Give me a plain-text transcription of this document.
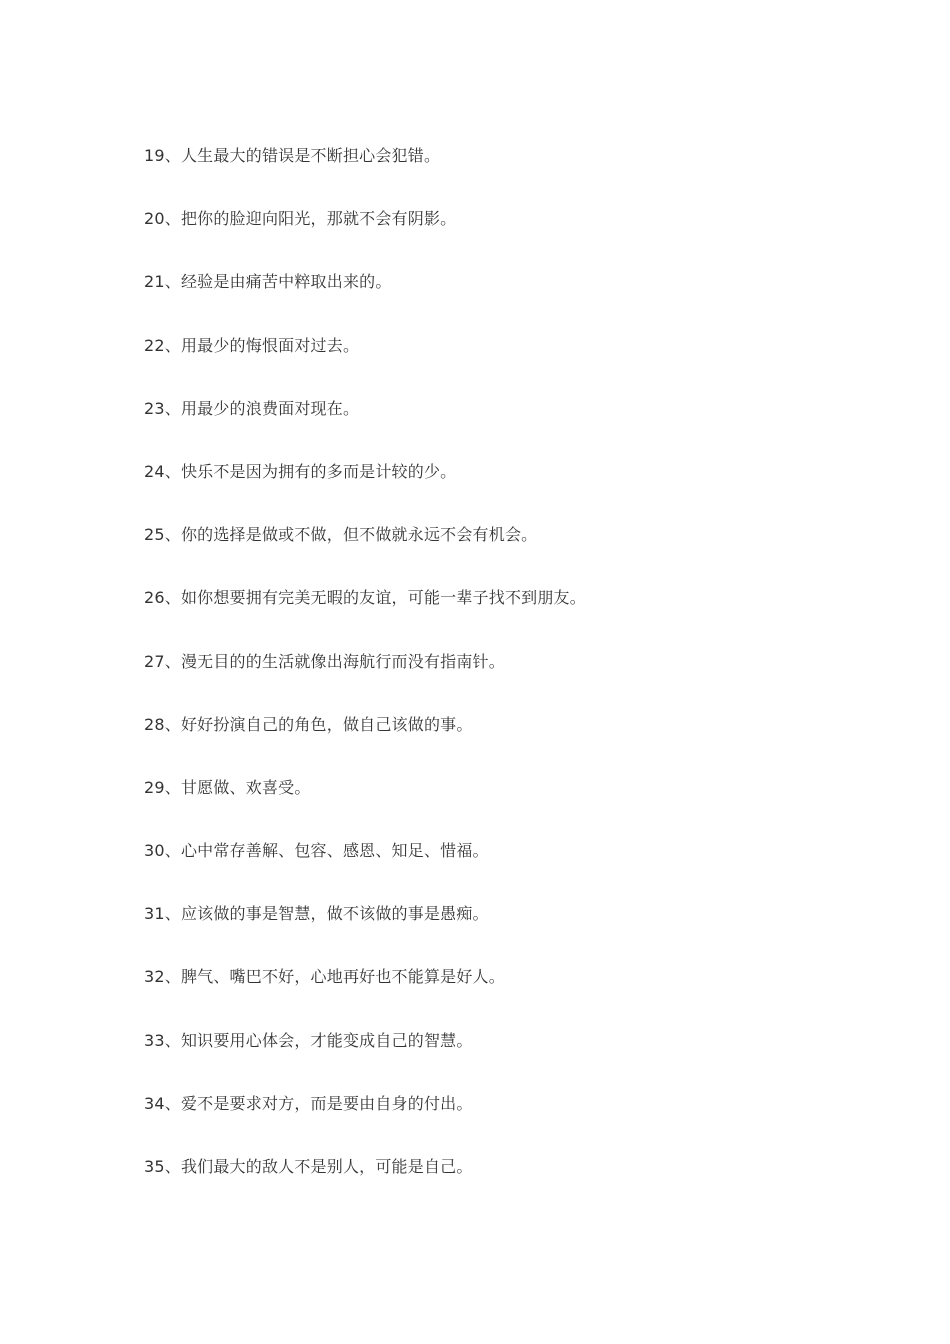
19、人生最大的错误是不断担心会犯错。
20、把你的脸迎向阳光，那就不会有阴影。
21、经验是由痛苦中粹取出来的。
22、用最少的悔恨面对过去。
23、用最少的浪费面对现在。
24、快乐不是因为拥有的多而是计较的少。
25、你的选择是做或不做，但不做就永远不会有机会。
26、如你想要拥有完美无暇的友谊，可能一辈子找不到朋友。
27、漫无目的的生活就像出海航行而没有指南针。
28、好好扮演自己的角色，做自己该做的事。
29、甘愿做、欢喜受。
30、心中常存善解、包容、感恩、知足、惜福。
31、应该做的事是智慧，做不该做的事是愚痴。
32、脾气、嘴巴不好，心地再好也不能算是好人。
33、知识要用心体会，才能变成自己的智慧。
34、爱不是要求对方，而是要由自身的付出。
35、我们最大的敌人不是别人，可能是自己。
